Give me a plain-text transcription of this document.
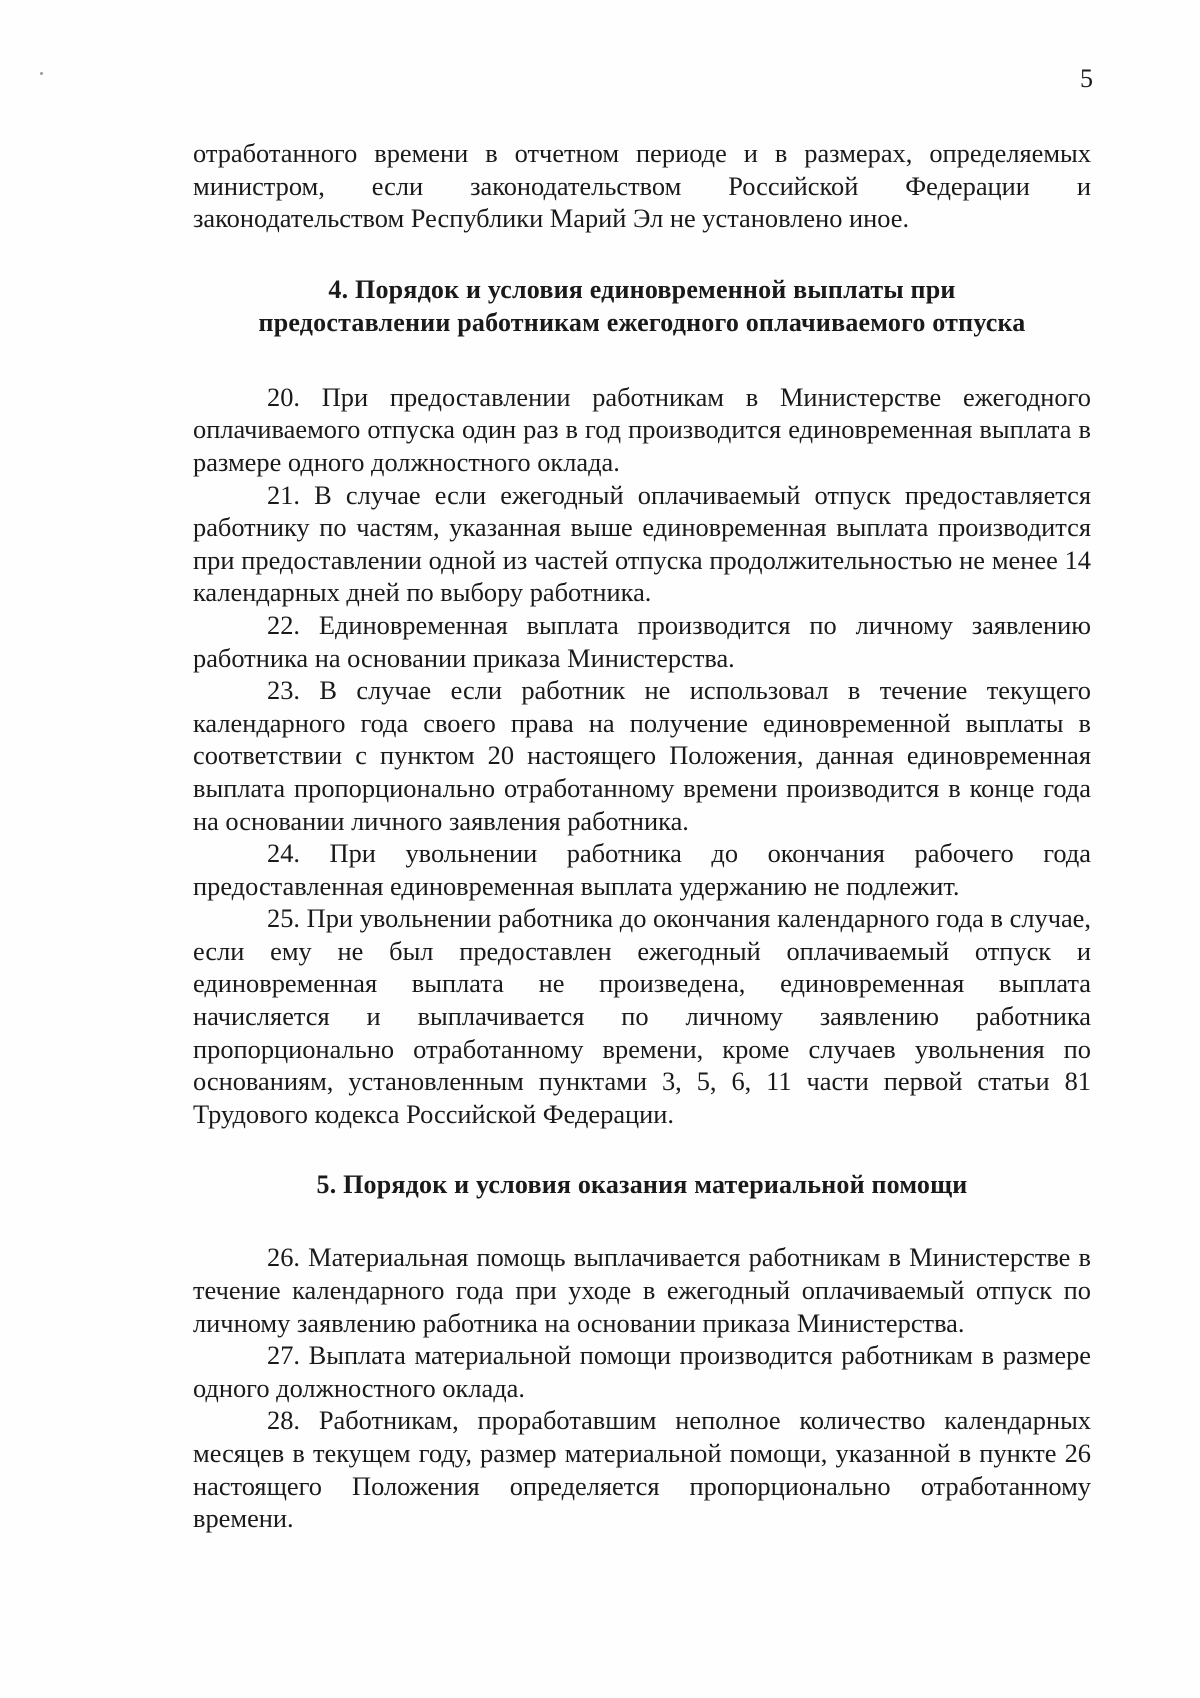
5

отработанного времени в отчетном периоде и в размерах, определяемых министром, если законодательством Российской Федерации и законодательством Республики Марий Эл не установлено иное.

4. Порядок и условия единовременной выплаты при

предоставлении работникам ежегодного оплачиваемого отпуска

20. При предоставлении работникам в Министерстве ежегодного оплачиваемого отпуска один раз в год производится единовременная выплата в размере одного должностного оклада.

21. В случае если ежегодный оплачиваемый отпуск предоставляется работнику по частям, указанная выше единовременная выплата производится при предоставлении одной из частей отпуска продолжительностью не менее 14 календарных дней по выбору работника.

22. Единовременная выплата производится по личному заявлению работника на основании приказа Министерства.

23. В случае если работник не использовал в течение текущего календарного года своего права на получение единовременной выплаты в соответствии с пунктом 20 настоящего Положения, данная единовременная выплата пропорционально отработанному времени производится в конце года на основании личного заявления работника.

24. При увольнении работника до окончания рабочего года предоставленная единовременная выплата удержанию не подлежит.

25. При увольнении работника до окончания календарного года в случае, если ему не был предоставлен ежегодный оплачиваемый отпуск и единовременная выплата не произведена, единовременная выплата начисляется и выплачивается по личному заявлению работника пропорционально отработанному времени, кроме случаев увольнения по основаниям, установленным пунктами 3, 5, 6, 11 части первой статьи 81 Трудового кодекса Российской Федерации.

5. Порядок и условия оказания материальной помощи

26. Материальная помощь выплачивается работникам в Министерстве в течение календарного года при уходе в ежегодный оплачиваемый отпуск по личному заявлению работника на основании приказа Министерства.

27. Выплата материальной помощи производится работникам в размере одного должностного оклада.

28. Работникам, проработавшим неполное количество календарных месяцев в текущем году, размер материальной помощи, указанной в пункте 26 настоящего Положения определяется пропорционально отработанному времени.
